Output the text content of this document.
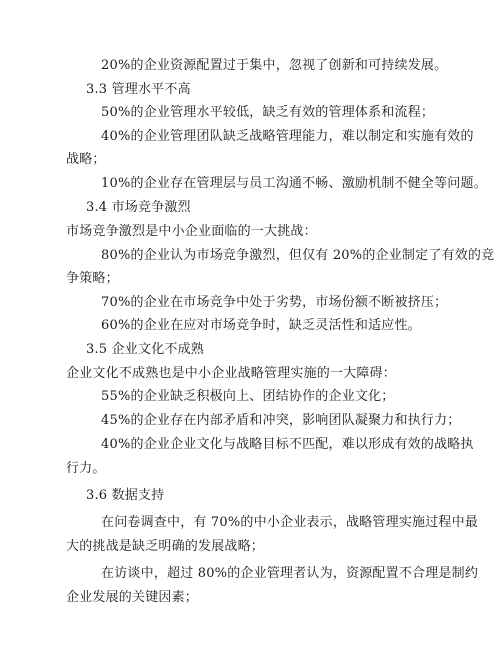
20%的企业资源配置过于集中，忽视了创新和可持续发展。
3.3 管理水平不高
50%的企业管理水平较低，缺乏有效的管理体系和流程；
40%的企业管理团队缺乏战略管理能力，难以制定和实施有效的
战略；
10%的企业存在管理层与员工沟通不畅、激励机制不健全等问题。
3.4 市场竞争激烈
市场竞争激烈是中小企业面临的一大挑战：
80%的企业认为市场竞争激烈，但仅有 20%的企业制定了有效的竞
争策略；
70%的企业在市场竞争中处于劣势，市场份额不断被挤压；
60%的企业在应对市场竞争时，缺乏灵活性和适应性。
3.5 企业文化不成熟
企业文化不成熟也是中小企业战略管理实施的一大障碍：
55%的企业缺乏积极向上、团结协作的企业文化；
45%的企业存在内部矛盾和冲突，影响团队凝聚力和执行力；
40%的企业企业文化与战略目标不匹配，难以形成有效的战略执
行力。
3.6 数据支持
在问卷调查中，有 70%的中小企业表示，战略管理实施过程中最
大的挑战是缺乏明确的发展战略；
在访谈中，超过 80%的企业管理者认为，资源配置不合理是制约
企业发展的关键因素；
